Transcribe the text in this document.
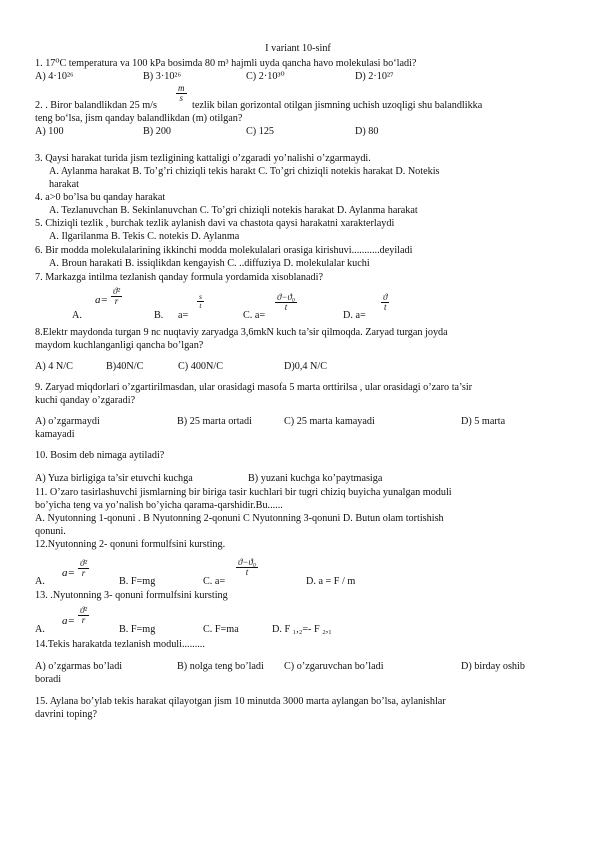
I variant 10-sinf
1. 17⁰C temperatura va 100 kPa bosimda 80 m³ hajmli uyda qancha havo molekulasi bo‘ladi?
A) 4·10²⁶	B) 3·10²⁶	C) 2·10³⁰	D) 2·10²⁷
2. . Biror balandlikdan 25 m/s
$\frac{m}{s}$
tezlik bilan gorizontal otilgan jismning uchish uzoqligi shu balandlikka
teng bo‘lsa, jism qanday balandlikdan (m) otilgan?
A) 100	B) 200	C) 125	D) 80
3. Qaysi harakat turida jism tezligining kattaligi o’zgaradi yo’nalishi o’zgarmaydi.
A. Aylanma harakat B. To’g’ri chiziqli tekis harakt C. To’gri chiziqli notekis harakat D. Notekis
harakat
4. a>0 bo’lsa bu qanday harakat
A. Tezlanuvchan B. Sekinlanuvchan C. To’gri chiziqli notekis harakat D. Aylanma harakat
5. Chiziqli tezlik , burchak tezlik aylanish davi va chastota qaysi harakatni xarakterlaydi
A. Ilgarilanma B. Tekis C. notekis D. Aylanma
6. Bir modda molekulalarining ikkinchi modda molekulalari orasiga kirishuvi...........deyiladi
A. Broun harakati B. issiqlikdan kengayish C. ..diffuziya D. molekulalar kuchi
7. Markazga intilma tezlanish qanday formula yordamida xisoblanadi?
A.
$a= \frac{\text{ϑ²}}{r}$
B. a=
$\frac{s}{t}$
C. a=
$\frac{\text{ϑ−ϑ₀}}{t}$
D. a=
$\frac{ϑ}{t}$
8.Elektr maydonda turgan 9 nc nuqtaviy zaryadga 3,6mkN kuch ta’sir qilmoqda. Zaryad turgan joyda
maydom kuchlanganligi qancha bo’lgan?
A) 4 N/C	B)40N/C	C) 400N/C	D)0,4 N/C
9. Zaryad miqdorlari o’zgartirilmasdan, ular orasidagi masofa 5 marta orttirilsa , ular orasidagi o’zaro ta’sir
kuchi qanday o’zgaradi?
A) o’zgarmaydi	B) 25 marta ortadi	C) 25 marta kamayadi	D) 5 marta
kamayadi
10. Bosim deb nimaga aytiladi?
A) Yuza birligiga ta’sir etuvchi kuchga	B) yuzani kuchga ko’paytmasiga
11. O’zaro tasirlashuvchi jismlarning bir biriga tasir kuchlari bir tugri chiziq buyicha yunalgan moduli
bo’yicha teng va yo’nalish bo’yicha qarama-qarshidir.Bu......
A. Nyutonning 1-qonuni . B Nyutonning 2-qonuni C Nyutonning 3-qonuni D. Butun olam tortishish
qonuni.
12.Nyutonning 2- qonuni formulfsini kursting.
A.
$a= \frac{\text{ϑ²}}{r}$
B. F=mg	C. a=
$\frac{\text{ϑ−ϑ₀}}{t}$
D. a = F / m
13. .Nyutonning 3- qonuni formulfsini kursting
A.
$a= \frac{\text{ϑ²}}{r}$
B. F=mg	C. F=ma	D. F ₁,₂=- F ₂,₁
14.Tekis harakatda tezlanish moduli.........
A) o’zgarmas bo’ladi	B) nolga teng bo’ladi C) o’zgaruvchan bo’ladi	D) birday oshib
boradi
15. Aylana bo’ylab tekis harakat qilayotgan jism 10 minutda 3000 marta aylangan bo’lsa, aylanishlar
davrini toping?
